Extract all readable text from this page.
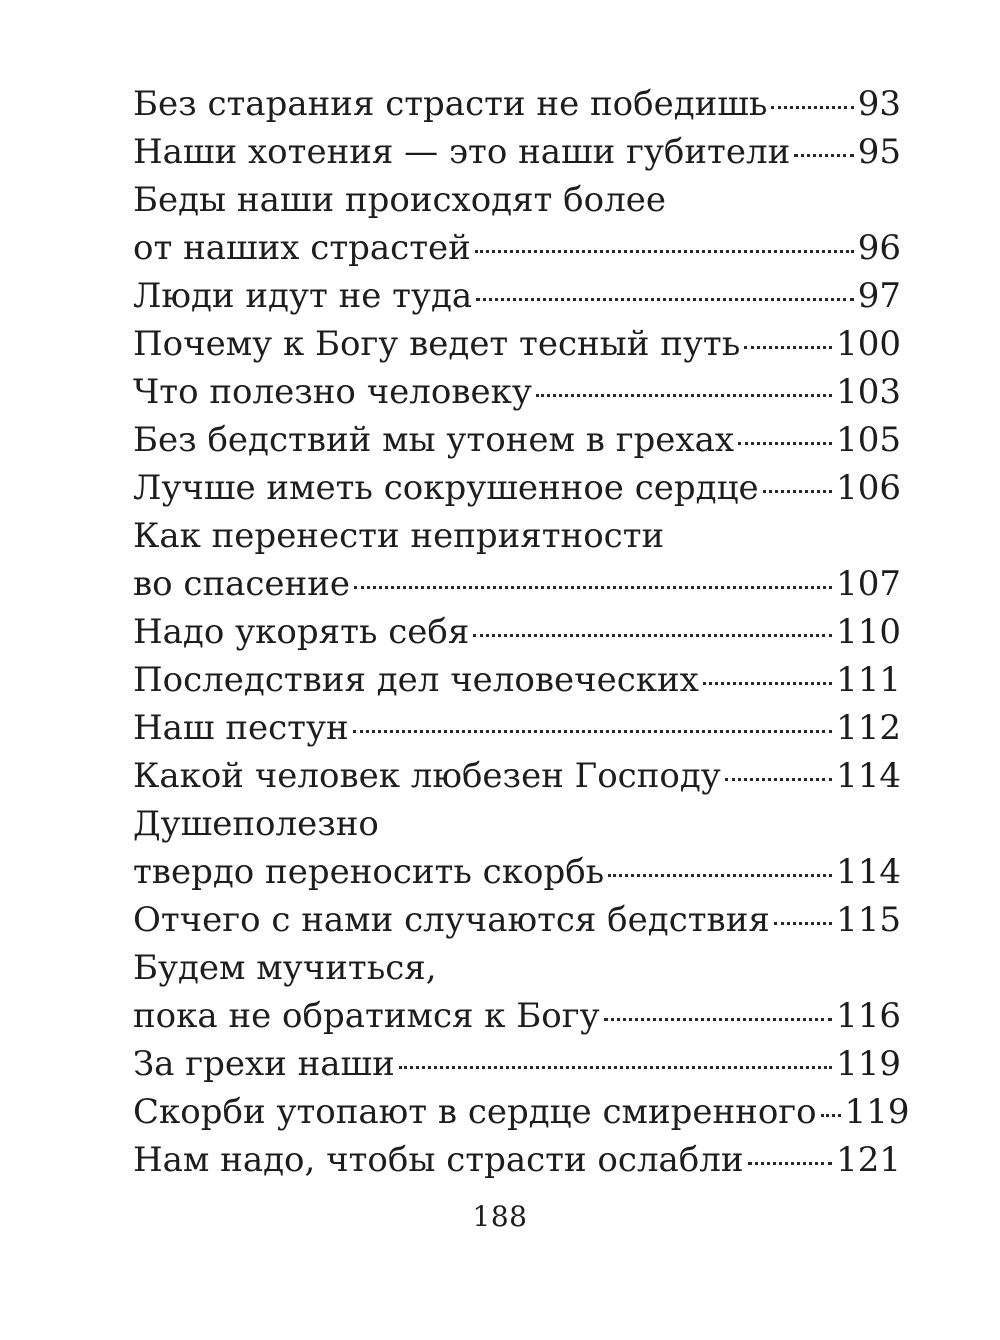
Без старания страсти не победишь	93
Наши хотения — это наши губители 95
Беды наши происходят более
от наших страстей	96
Люди идут не туда	97
Почему к Богу ведет тесный путь	100
Что полезно человеку	103
Без бедствий мы утонем в грехах	105
Лучше иметь сокрушенное сердце 106
Как перенести неприятности
во спасение	107
Надо укорять себя	110
Последствия дел человеческих	111
Наш пестун	112
Какой человек любезен Господу	114
Душеполезно
твердо переносить скорбь	114
Отчего с нами случаются бедствия 115
Будем мучиться,
пока не обратимся к Богу	116
За грехи наши	119
Скорби утопают в сердце смиренного 119
Нам надо, чтобы страсти ослабли	121
188
